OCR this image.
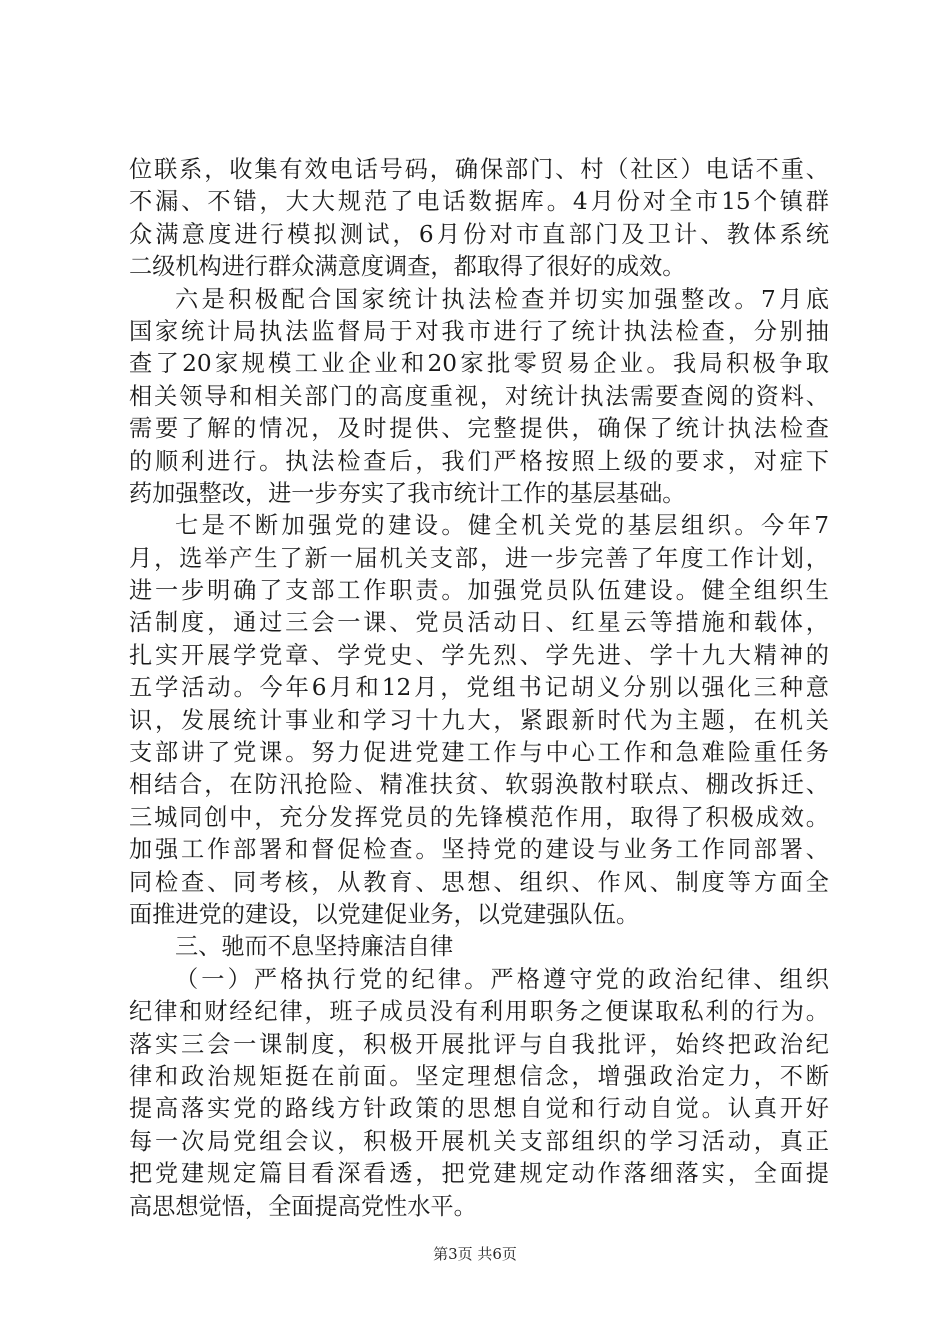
位联系，收集有效电话号码，确保部门、村（社区）电话不重、
不漏、不错，大大规范了电话数据库。4月份对全市15个镇群
众满意度进行模拟测试，6月份对市直部门及卫计、教体系统
二级机构进行群众满意度调查，都取得了很好的成效。
六是积极配合国家统计执法检查并切实加强整改。7月底
国家统计局执法监督局于对我市进行了统计执法检查，分别抽
查了20家规模工业企业和20家批零贸易企业。我局积极争取
相关领导和相关部门的高度重视，对统计执法需要查阅的资料、
需要了解的情况，及时提供、完整提供，确保了统计执法检查
的顺利进行。执法检查后，我们严格按照上级的要求，对症下
药加强整改，进一步夯实了我市统计工作的基层基础。
七是不断加强党的建设。健全机关党的基层组织。今年7
月，选举产生了新一届机关支部，进一步完善了年度工作计划，
进一步明确了支部工作职责。加强党员队伍建设。健全组织生
活制度，通过三会一课、党员活动日、红星云等措施和载体，
扎实开展学党章、学党史、学先烈、学先进、学十九大精神的
五学活动。今年6月和12月，党组书记胡义分别以强化三种意
识，发展统计事业和学习十九大，紧跟新时代为主题，在机关
支部讲了党课。努力促进党建工作与中心工作和急难险重任务
相结合，在防汛抢险、精准扶贫、软弱涣散村联点、棚改拆迁、
三城同创中，充分发挥党员的先锋模范作用，取得了积极成效。
加强工作部署和督促检查。坚持党的建设与业务工作同部署、
同检查、同考核，从教育、思想、组织、作风、制度等方面全
面推进党的建设，以党建促业务，以党建强队伍。
三、驰而不息坚持廉洁自律
（一）严格执行党的纪律。严格遵守党的政治纪律、组织
纪律和财经纪律，班子成员没有利用职务之便谋取私利的行为。
落实三会一课制度，积极开展批评与自我批评，始终把政治纪
律和政治规矩挺在前面。坚定理想信念，增强政治定力，不断
提高落实党的路线方针政策的思想自觉和行动自觉。认真开好
每一次局党组会议，积极开展机关支部组织的学习活动，真正
把党建规定篇目看深看透，把党建规定动作落细落实，全面提
高思想觉悟，全面提高党性水平。
第3页 共6页
